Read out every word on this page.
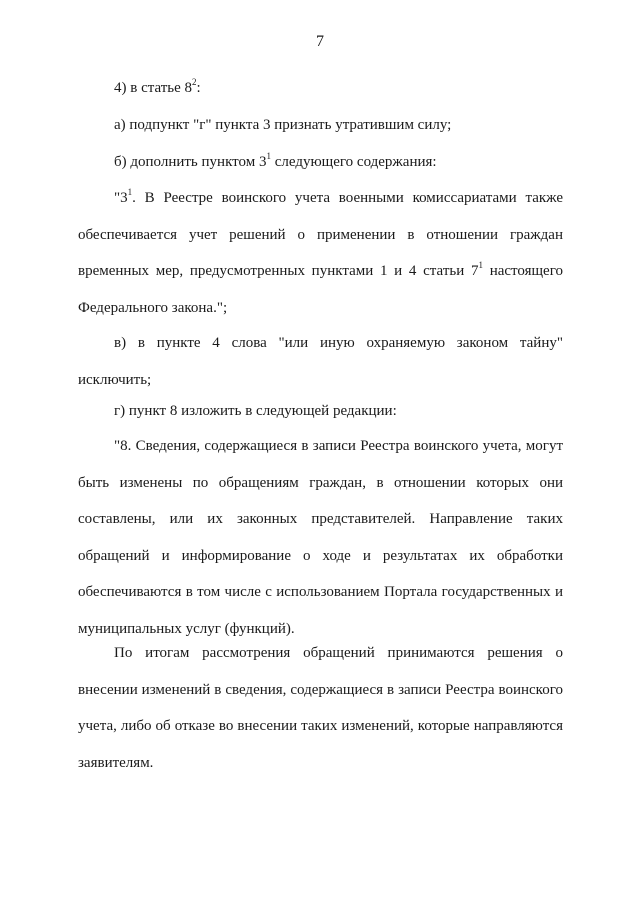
7

4) в статье $8^2$:

а) подпункт "г" пункта 3 признать утратившим силу;

б) дополнить пунктом $3^1$ следующего содержания:

"$3^1$. В Реестре воинского учета военными комиссариатами также обеспечивается учет решений о применении в отношении граждан временных мер, предусмотренных пунктами 1 и 4 статьи $7^1$ настоящего Федерального закона.";

в) в пункте 4 слова "или иную охраняемую законом тайну" исключить;

г) пункт 8 изложить в следующей редакции:

"8. Сведения, содержащиеся в записи Реестра воинского учета, могут быть изменены по обращениям граждан, в отношении которых они составлены, или их законных представителей. Направление таких обращений и информирование о ходе и результатах их обработки обеспечиваются в том числе с использованием Портала государственных и муниципальных услуг (функций).

По итогам рассмотрения обращений принимаются решения о внесении изменений в сведения, содержащиеся в записи Реестра воинского учета, либо об отказе во внесении таких изменений, которые направляются заявителям.
